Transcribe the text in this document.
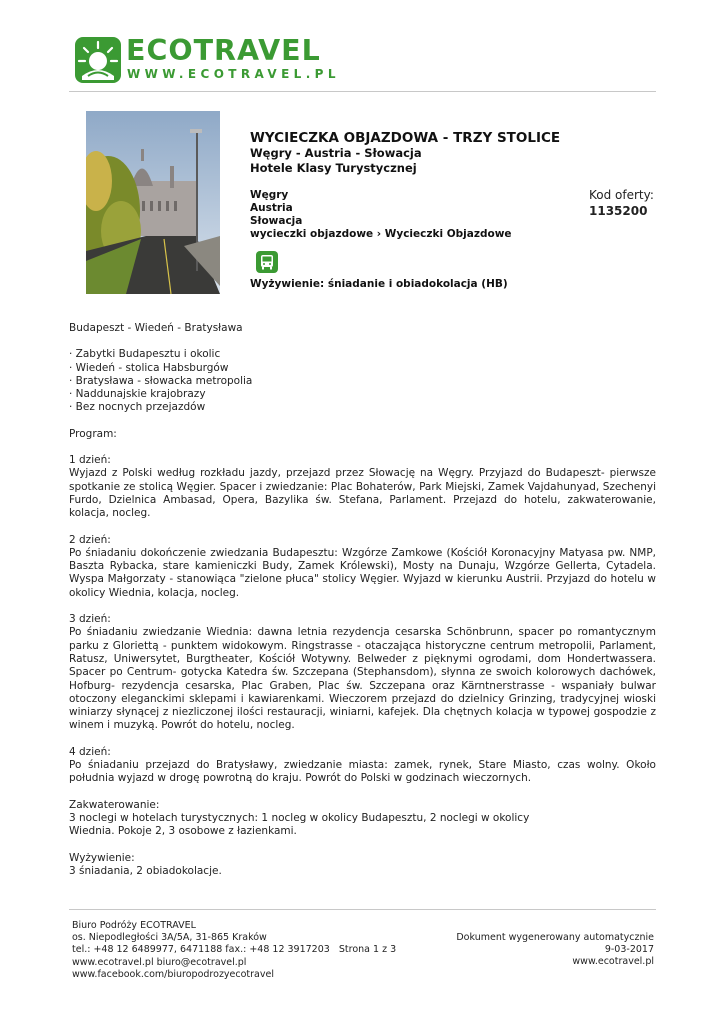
ECOTRAVEL
WWW.ECOTRAVEL.PL
WYCIECZKA OBJAZDOWA - TRZY STOLICE
Węgry - Austria - Słowacja
Hotele Klasy Turystycznej
Węgry
Austria
Słowacja
wycieczki objazdowe › Wycieczki Objazdowe
Kod oferty:
1135200
Wyżywienie: śniadanie i obiadokolacja (HB)

Budapeszt - Wiedeń - Bratysława

· Zabytki Budapesztu i okolic

· Wiedeń - stolica Habsburgów

· Bratysława - słowacka metropolia

· Naddunajskie krajobrazy

· Bez nocnych przejazdów

Program:

1 dzień:

Wyjazd z Polski według rozkładu jazdy, przejazd przez Słowację na Węgry. Przyjazd do Budapeszt- pierwsze spotkanie ze stolicą Węgier. Spacer i zwiedzanie: Plac Bohaterów, Park Miejski, Zamek Vajdahunyad, Szechenyi Furdo, Dzielnica Ambasad, Opera, Bazylika św. Stefana, Parlament. Przejazd do hotelu, zakwaterowanie, kolacja, nocleg.

2 dzień:

Po śniadaniu dokończenie zwiedzania Budapesztu: Wzgórze Zamkowe (Kościół Koronacyjny Matyasa pw. NMP, Baszta Rybacka, stare kamieniczki Budy, Zamek Królewski), Mosty na Dunaju, Wzgórze Gellerta, Cytadela. Wyspa Małgorzaty - stanowiąca "zielone płuca" stolicy Węgier. Wyjazd w kierunku Austrii. Przyjazd do hotelu w okolicy Wiednia, kolacja, nocleg.

3 dzień:

Po śniadaniu zwiedzanie Wiednia: dawna letnia rezydencja cesarska Schönbrunn, spacer po romantycznym parku z Gloriettą - punktem widokowym. Ringstrasse - otaczająca historyczne centrum metropolii, Parlament, Ratusz, Uniwersytet, Burgtheater, Kościół Wotywny. Belweder z pięknymi ogrodami, dom Hondertwassera. Spacer po Centrum- gotycka Katedra św. Szczepana (Stephansdom), słynna ze swoich kolorowych dachówek, Hofburg- rezydencja cesarska, Plac Graben, Plac św. Szczepana oraz Kärntnerstrasse - wspaniały bulwar otoczony eleganckimi sklepami i kawiarenkami. Wieczorem przejazd do dzielnicy Grinzing, tradycyjnej wioski winiarzy słynącej z niezliczonej ilości restauracji, winiarni, kafejek. Dla chętnych kolacja w typowej gospodzie z winem i muzyką. Powrót do hotelu, nocleg.

4 dzień:

Po śniadaniu przejazd do Bratysławy, zwiedzanie miasta: zamek, rynek, Stare Miasto, czas wolny. Około południa wyjazd w drogę powrotną do kraju. Powrót do Polski w godzinach wieczornych.

Zakwaterowanie:

3 noclegi w hotelach turystycznych: 1 nocleg w okolicy Budapesztu, 2 noclegi w okolicy

Wiednia. Pokoje 2, 3 osobowe z łazienkami.

Wyżywienie:

3 śniadania, 2 obiadokolacje.

Biuro Podróży ECOTRAVEL
os. Niepodległości 3A/5A, 31-865 Kraków
tel.: +48 12 6489977, 6471188 fax.: +48 12 3917203 Strona 1 z 3
www.ecotravel.pl biuro@ecotravel.pl
www.facebook.com/biuropodrozyecotravel
Dokument wygenerowany automatycznie
9-03-2017
www.ecotravel.pl
